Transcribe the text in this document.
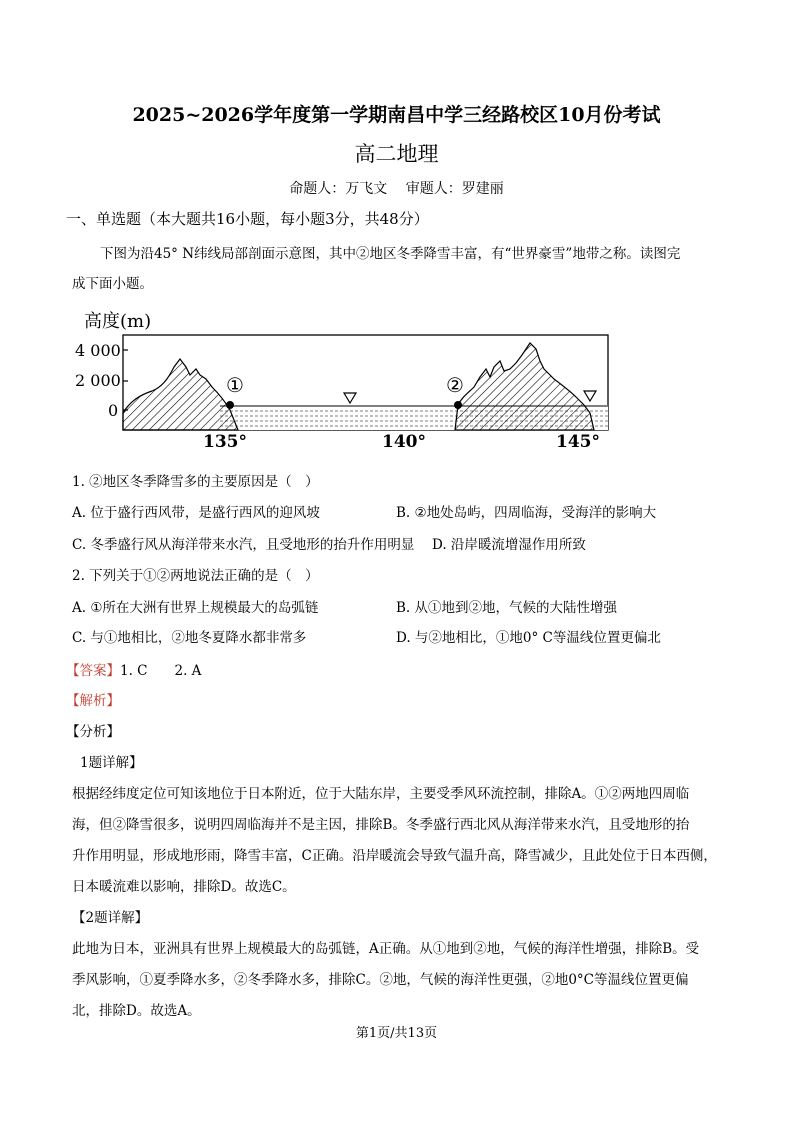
2025~2026学年度第一学期南昌中学三经路校区10月份考试
高二地理
命题人：万飞文 审题人：罗建丽
一、单选题（本大题共16小题，每小题3分，共48分）
下图为沿45° N纬线局部剖面示意图，其中②地区冬季降雪丰富，有“世界豪雪”地带之称。读图完
成下面小题。
高度(m)
4 000
2 000
0
135°	140°	145°
①	②
1. ②地区冬季降雪多的主要原因是（　）
A. 位于盛行西风带，是盛行西风的迎风坡	B. ②地处岛屿，四周临海，受海洋的影响大
C. 冬季盛行风从海洋带来水汽，且受地形的抬升作用明显 D. 沿岸暖流增湿作用所致
2. 下列关于①②两地说法正确的是（　）
A. ①所在大洲有世界上规模最大的岛弧链	B. 从①地到②地，气候的大陆性增强
C. 与①地相比，②地冬夏降水都非常多	D. 与②地相比，①地0° C等温线位置更偏北
【答案】1. C　　2. A
【解析】
【分析】
1题详解】
根据经纬度定位可知该地位于日本附近，位于大陆东岸，主要受季风环流控制，排除A。①②两地四周临
海，但②降雪很多，说明四周临海并不是主因，排除B。冬季盛行西北风从海洋带来水汽，且受地形的抬
升作用明显，形成地形雨，降雪丰富，C正确。沿岸暖流会导致气温升高，降雪减少，且此处位于日本西侧，
日本暖流难以影响，排除D。故选C。
【2题详解】
此地为日本，亚洲具有世界上规模最大的岛弧链，A正确。从①地到②地，气候的海洋性增强，排除B。受
季风影响，①夏季降水多，②冬季降水多，排除C。②地，气候的海洋性更强，②地0°C等温线位置更偏
北，排除D。故选A。
第1页/共13页
